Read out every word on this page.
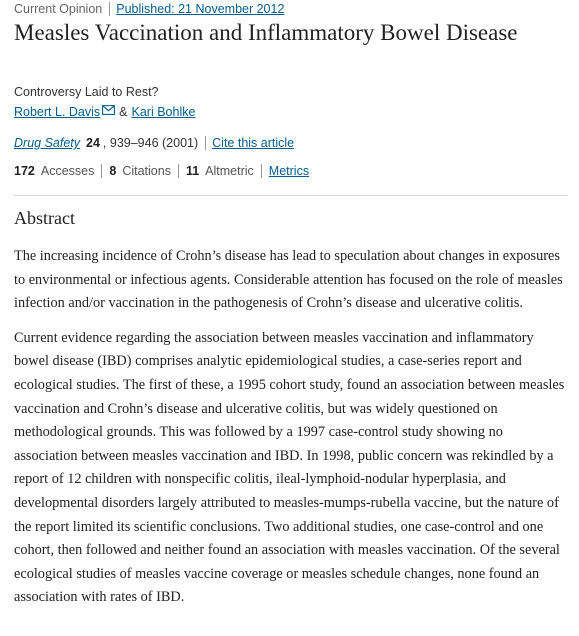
Current Opinion Published: 21 November 2012
Measles Vaccination and Inflammatory Bowel Disease
Controversy Laid to Rest?
Robert L. Davis & Kari Bohlke
Drug Safety 24 , 939–946 (2001) Cite this article
172 Accesses 8 Citations 11 Altmetric Metrics
Abstract

The increasing incidence of Crohn’s disease has lead to speculation about changes in exposures to environmental or infectious agents. Considerable attention has focused on the role of measles infection and/or vaccination in the pathogenesis of Crohn’s disease and ulcerative colitis.

Current evidence regarding the association between measles vaccination and inflammatory bowel disease (IBD) comprises analytic epidemiological studies, a case-series report and ecological studies. The first of these, a 1995 cohort study, found an association between measles vaccination and Crohn’s disease and ulcerative colitis, but was widely questioned on methodological grounds. This was followed by a 1997 case-control study showing no association between measles vaccination and IBD. In 1998, public concern was rekindled by a report of 12 children with nonspecific colitis, ileal-lymphoid-nodular hyperplasia, and developmental disorders largely attributed to measles-mumps-rubella vaccine, but the nature of the report limited its scientific conclusions. Two additional studies, one case-control and one cohort, then followed and neither found an association with measles vaccination. Of the several ecological studies of measles vaccine coverage or measles schedule changes, none found an association with rates of IBD.
